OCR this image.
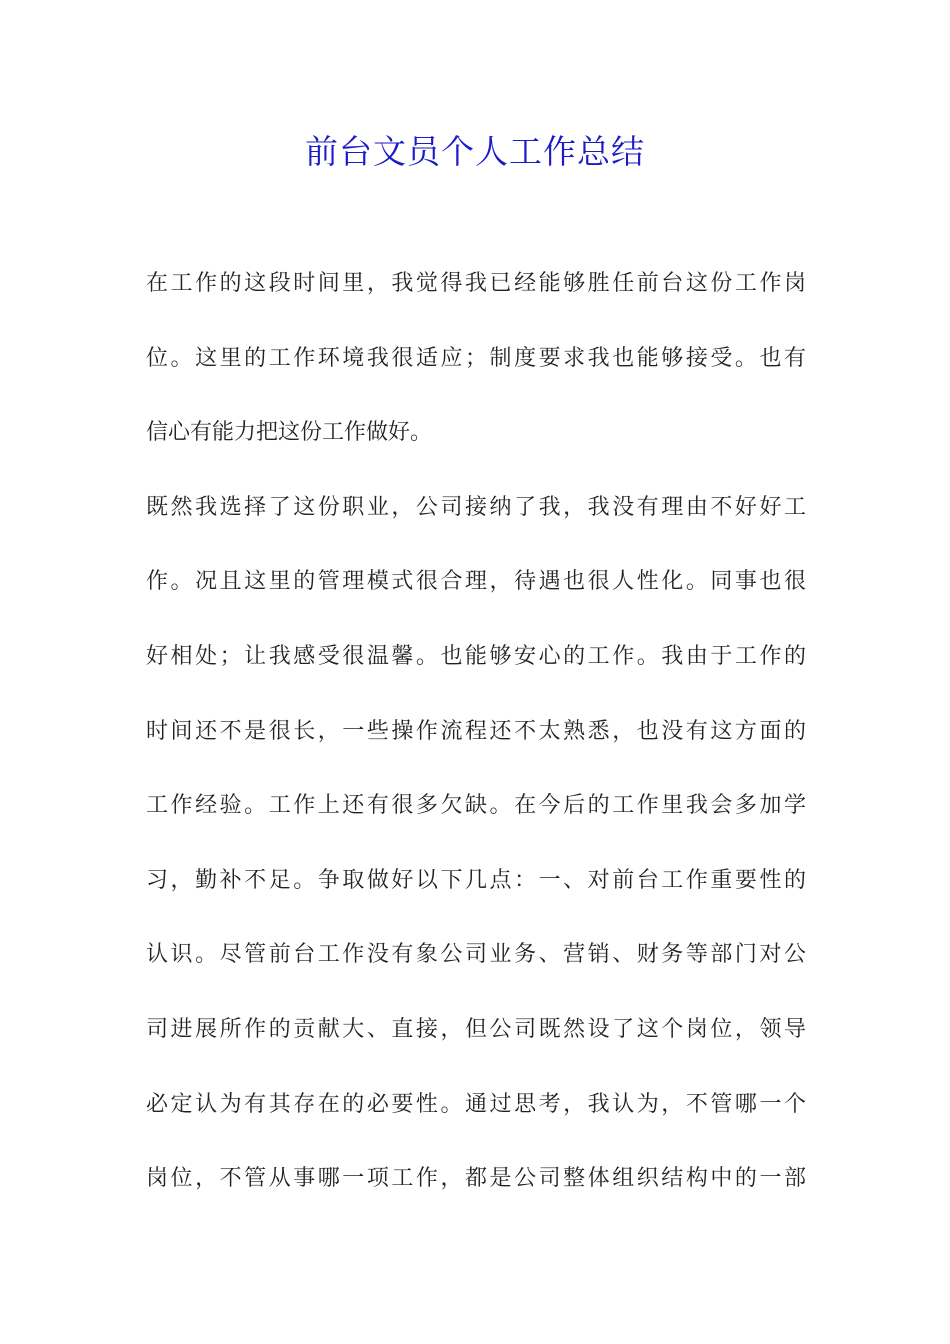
前台文员个人工作总结
在工作的这段时间里，我觉得我已经能够胜任前台这份工作岗
位。这里的工作环境我很适应；制度要求我也能够接受。也有
信心有能力把这份工作做好。
既然我选择了这份职业，公司接纳了我，我没有理由不好好工
作。况且这里的管理模式很合理，待遇也很人性化。同事也很
好相处；让我感受很温馨。也能够安心的工作。我由于工作的
时间还不是很长，一些操作流程还不太熟悉，也没有这方面的
工作经验。工作上还有很多欠缺。在今后的工作里我会多加学
习，勤补不足。争取做好以下几点：一、对前台工作重要性的
认识。尽管前台工作没有象公司业务、营销、财务等部门对公
司进展所作的贡献大、直接，但公司既然设了这个岗位，领导
必定认为有其存在的必要性。通过思考，我认为，不管哪一个
岗位，不管从事哪一项工作，都是公司整体组织结构中的一部
